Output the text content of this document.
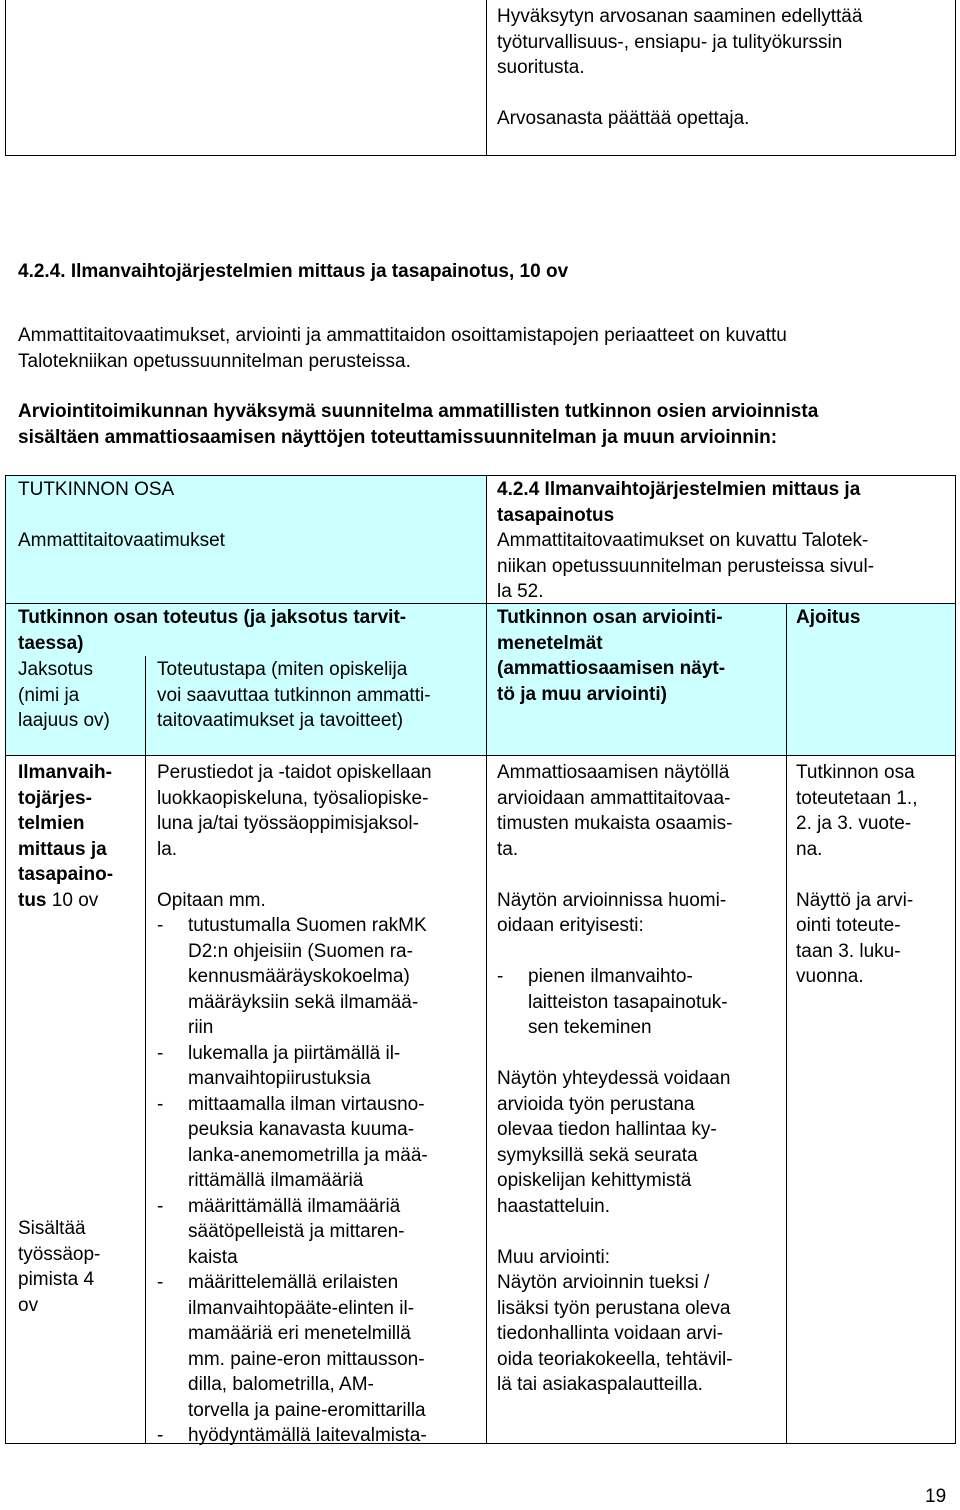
Hyväksytyn arvosanan saaminen edellyttää

työturvallisuus-, ensiapu- ja tulityökurssin

suoritusta.

Arvosanasta päättää opettaja.

4.2.4. Ilmanvaihtojärjestelmien mittaus ja tasapainotus, 10 ov

Ammattitaitovaatimukset, arviointi ja ammattitaidon osoittamistapojen periaatteet on kuvattu

Talotekniikan opetussuunnitelman perusteissa.

Arviointitoimikunnan hyväksymä suunnitelma ammatillisten tutkinnon osien arvioinnista

sisältäen ammattiosaamisen näyttöjen toteuttamissuunnitelman ja muun arvioinnin:

TUTKINNON OSA	4.2.4 Ilmanvaihtojärjestelmien mittaus ja

tasapainotus

Ammattitaitovaatimukset	Ammattitaitovaatimukset on kuvattu Talotek-

niikan opetussuunnitelman perusteissa sivul-

la 52.

Tutkinnon osan toteutus (ja jaksotus tarvit-

taessa)

Jaksotus

(nimi ja

laajuus ov)

Toteutustapa (miten opiskelija

voi saavuttaa tutkinnon ammatti-

taitovaatimukset ja tavoitteet)

Tutkinnon osan arviointi-

menetelmät

(ammattiosaamisen näyt-

tö ja muu arviointi)

Ajoitus

Ilmanvaih-

tojärjes-

telmien

mittaus ja

tasapaino-

tus 10 ov

Sisältää

työssäop-

pimista 4

ov

Perustiedot ja -taidot opiskellaan

luokkaopiskeluna, työsaliopiske-

luna ja/tai työssäoppimisjaksol-

la.

Opitaan mm.

- tutustumalla Suomen rakMK

D2:n ohjeisiin (Suomen ra-

kennusmääräyskokoelma)

määräyksiin sekä ilmamää-

riin

- lukemalla ja piirtämällä il-

manvaihtopiirustuksia

- mittaamalla ilman virtausno-

peuksia kanavasta kuuma-

lanka-anemometrilla ja mää-

rittämällä ilmamääriä

- määrittämällä ilmamääriä

säätöpelleistä ja mittaren-

kaista

- määrittelemällä erilaisten

ilmanvaihtopääte-elinten il-

mamääriä eri menetelmillä

mm. paine-eron mittausson-

dilla, balometrilla, AM-

torvella ja paine-eromittarilla

- hyödyntämällä laitevalmista-

Ammattiosaamisen näytöllä

arvioidaan ammattitaitovaa-

timusten mukaista osaamis-

ta.

Näytön arvioinnissa huomi-

oidaan erityisesti:

- pienen ilmanvaihto-

laitteiston tasapainotuk-

sen tekeminen

Näytön yhteydessä voidaan

arvioida työn perustana

olevaa tiedon hallintaa ky-

symyksillä sekä seurata

opiskelijan kehittymistä

haastatteluin.

Muu arviointi:

Näytön arvioinnin tueksi /

lisäksi työn perustana oleva

tiedonhallinta voidaan arvi-

oida teoriakokeella, tehtävil-

lä tai asiakaspalautteilla.

Tutkinnon osa

toteutetaan 1.,

2. ja 3. vuote-

na.

Näyttö ja arvi-

ointi toteute-

taan 3. luku-

vuonna.

19
